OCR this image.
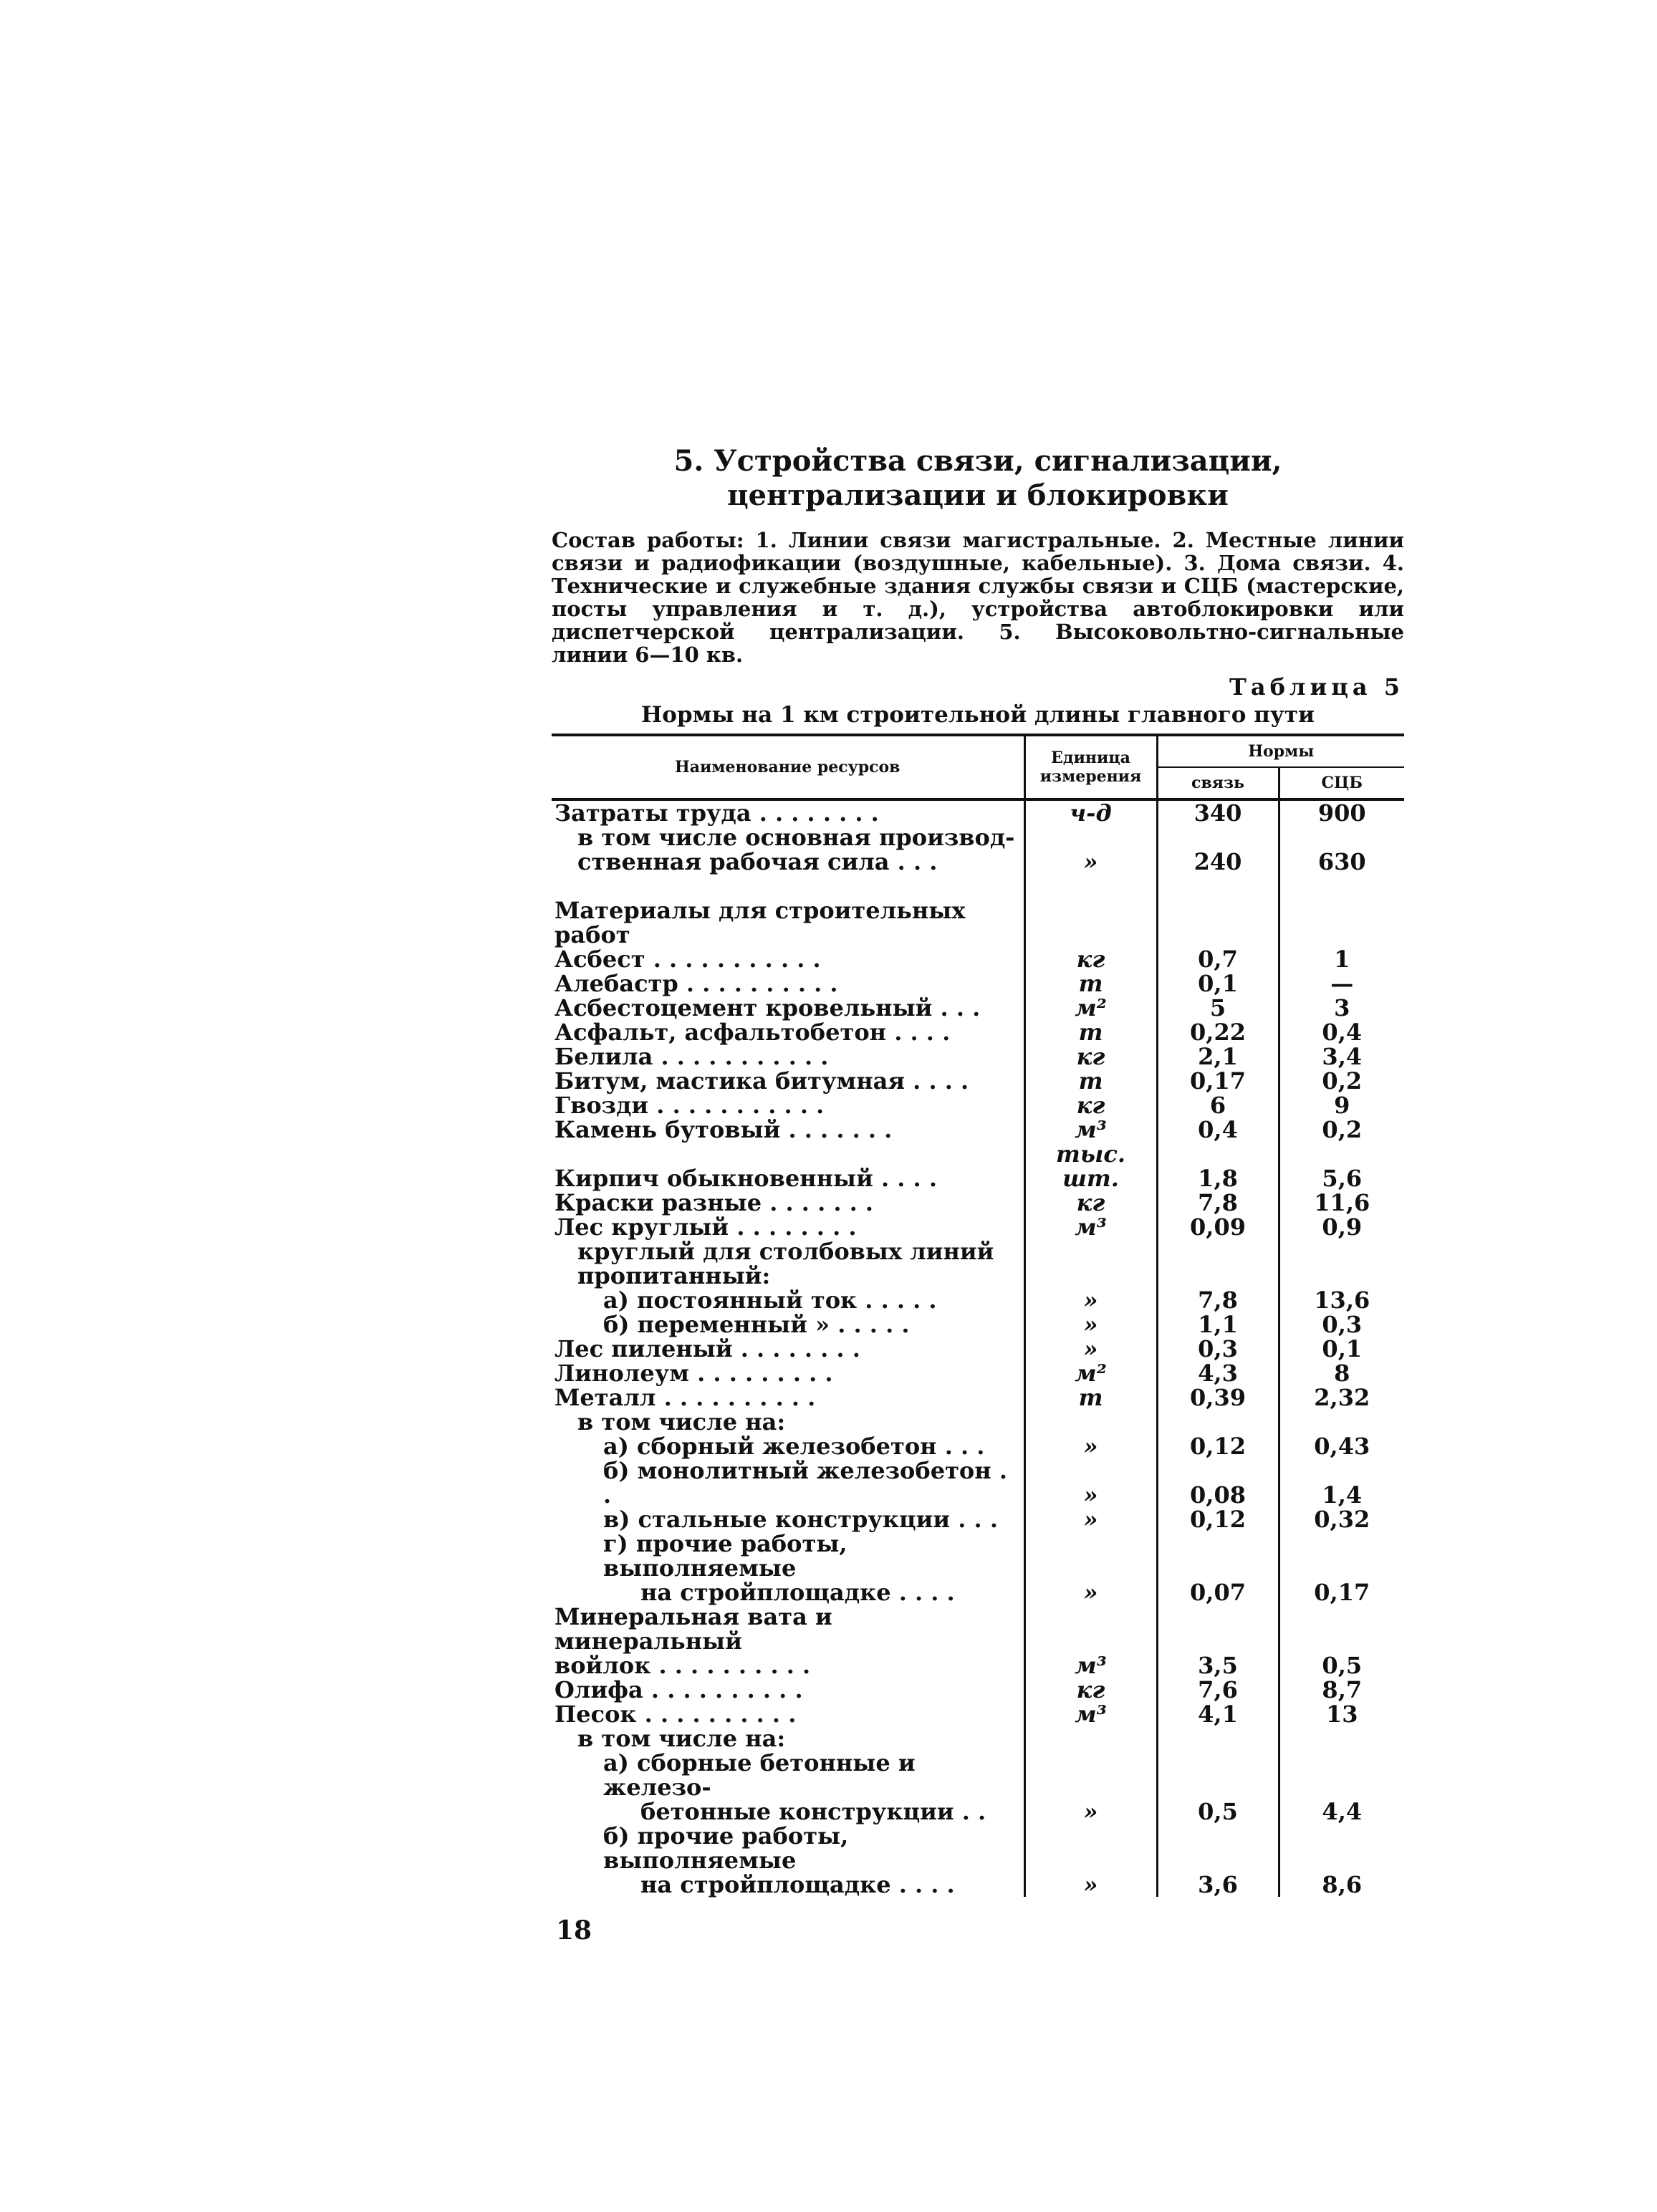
5. Устройства связи, сигнализации,
централизации и блокировки

Состав работы: 1. Линии связи магистральные. 2. Местные линии связи и радиофикации (воздушные, кабельные). 3. Дома связи. 4. Технические и служебные здания службы связи и СЦБ (мастерские, посты управления и т. д.), устройства автоблокировки или диспетчерской централизации. 5. Высоковольтно-сигнальные линии 6—10 кв.

Таблица 5
Нормы на 1 км строительной длины главного пути
Наименование ресурсов	Единица измерения	Нормы	
		связь	СЦБ
Затраты труда . . . . . . . .	ч-д	340	900
в том числе основная производ-			
ственная рабочая сила . . .	»	240	630

Материалы для строительных работ			
Асбест . . . . . . . . . . .	кг	0,7	1
Алебастр . . . . . . . . . .	т	0,1	—
Асбестоцемент кровельный . . .	м²	5	3
Асфальт, асфальтобетон . . . .	т	0,22	0,4
Белила . . . . . . . . . . .	кг	2,1	3,4
Битум, мастика битумная . . . .	т	0,17	0,2
Гвозди . . . . . . . . . . .	кг	6	9
Камень бутовый . . . . . . .	м³	0,4	0,2
Кирпич обыкновенный . . . .	тыс. шт.	1,8	5,6
Краски разные . . . . . . .	кг	7,8	11,6
Лес круглый . . . . . . . .	м³	0,09	0,9
круглый для столбовых линий пропитанный:			
а) постоянный ток . . . . .	»	7,8	13,6
б) переменный » . . . . .	»	1,1	0,3
Лес пиленый . . . . . . . .	»	0,3	0,1
Линолеум . . . . . . . . .	м²	4,3	8
Металл . . . . . . . . . .	т	0,39	2,32
в том числе на:			
а) сборный железобетон . . .	»	0,12	0,43
б) монолитный железобетон . .	»	0,08	1,4
в) стальные конструкции . . .	»	0,12	0,32
г) прочие работы, выполняемые			
на стройплощадке . . . .	»	0,07	0,17
Минеральная вата и минеральный			
войлок . . . . . . . . . .	м³	3,5	0,5
Олифа . . . . . . . . . .	кг	7,6	8,7
Песок . . . . . . . . . .	м³	4,1	13
в том числе на:			
а) сборные бетонные и железо-			
бетонные конструкции . .	»	0,5	4,4
б) прочие работы, выполняемые			
на стройплощадке . . . .	»	3,6	8,6
18
